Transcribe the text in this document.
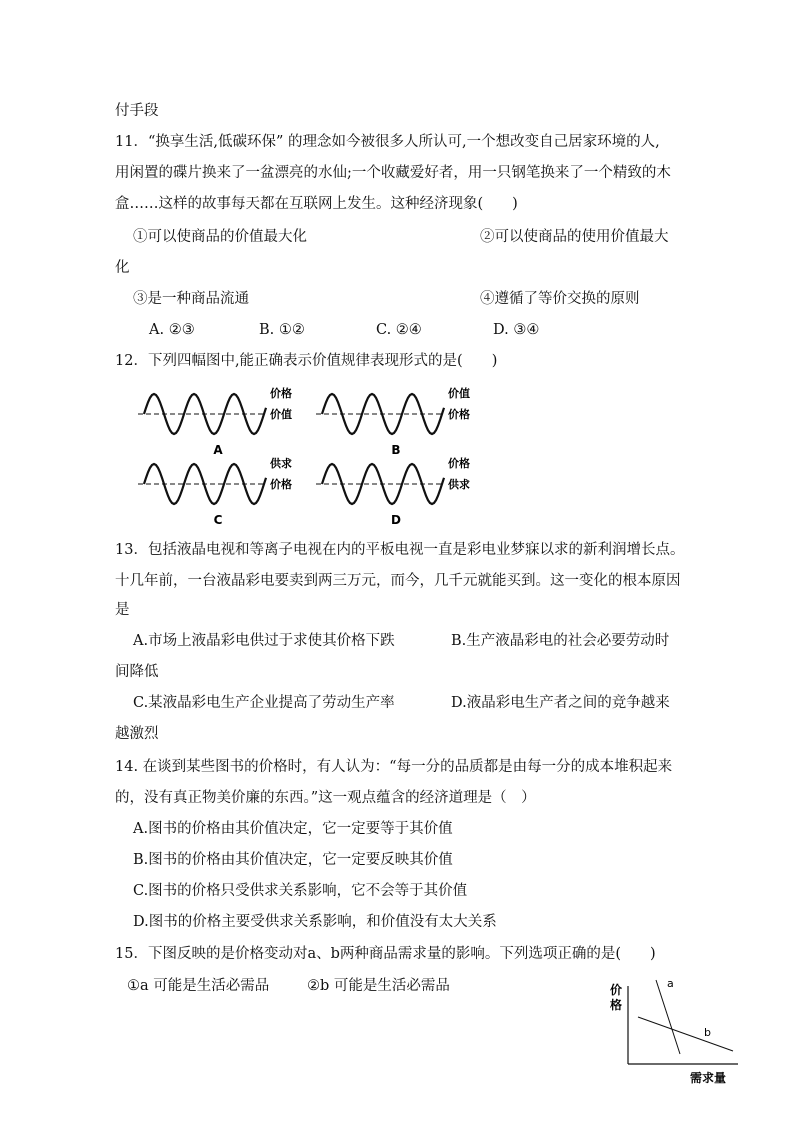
付手段
11．“换享生活,低碳环保” 的理念如今被很多人所认可,一个想改变自己居家环境的人,
用闲置的碟片换来了一盆漂亮的水仙;一个收藏爱好者，用一只钢笔换来了一个精致的木
盒……这样的故事每天都在互联网上发生。这种经济现象(　　)
①可以使商品的价值最大化	②可以使商品的使用价值最大
化
③是一种商品流通	④遵循了等价交换的原则
A. ②③	B. ①②	C. ②④	D. ③④
12．下列四幅图中,能正确表示价值规律表现形式的是(　　)
价格
价值
A
价值
价格
B
供求
价格
C
价格
供求
D
13．包括液晶电视和等离子电视在内的平板电视一直是彩电业梦寐以求的新利润增长点。
十几年前，一台液晶彩电要卖到两三万元，而今，几千元就能买到。这一变化的根本原因
是
A.市场上液晶彩电供过于求使其价格下跌	B.生产液晶彩电的社会必要劳动时
间降低
C.某液晶彩电生产企业提高了劳动生产率	D.液晶彩电生产者之间的竞争越来
越激烈
14. 在谈到某些图书的价格时，有人认为：“每一分的品质都是由每一分的成本堆积起来
的，没有真正物美价廉的东西。”这一观点蕴含的经济道理是（　）
A.图书的价格由其价值决定，它一定要等于其价值
B.图书的价格由其价值决定，它一定要反映其价值
C.图书的价格只受供求关系影响，它不会等于其价值
D.图书的价格主要受供求关系影响，和价值没有太大关系
15．下图反映的是价格变动对a、b两种商品需求量的影响。下列选项正确的是(　　)
①a 可能是生活必需品	②b 可能是生活必需品	价
格
a
b
需求量
